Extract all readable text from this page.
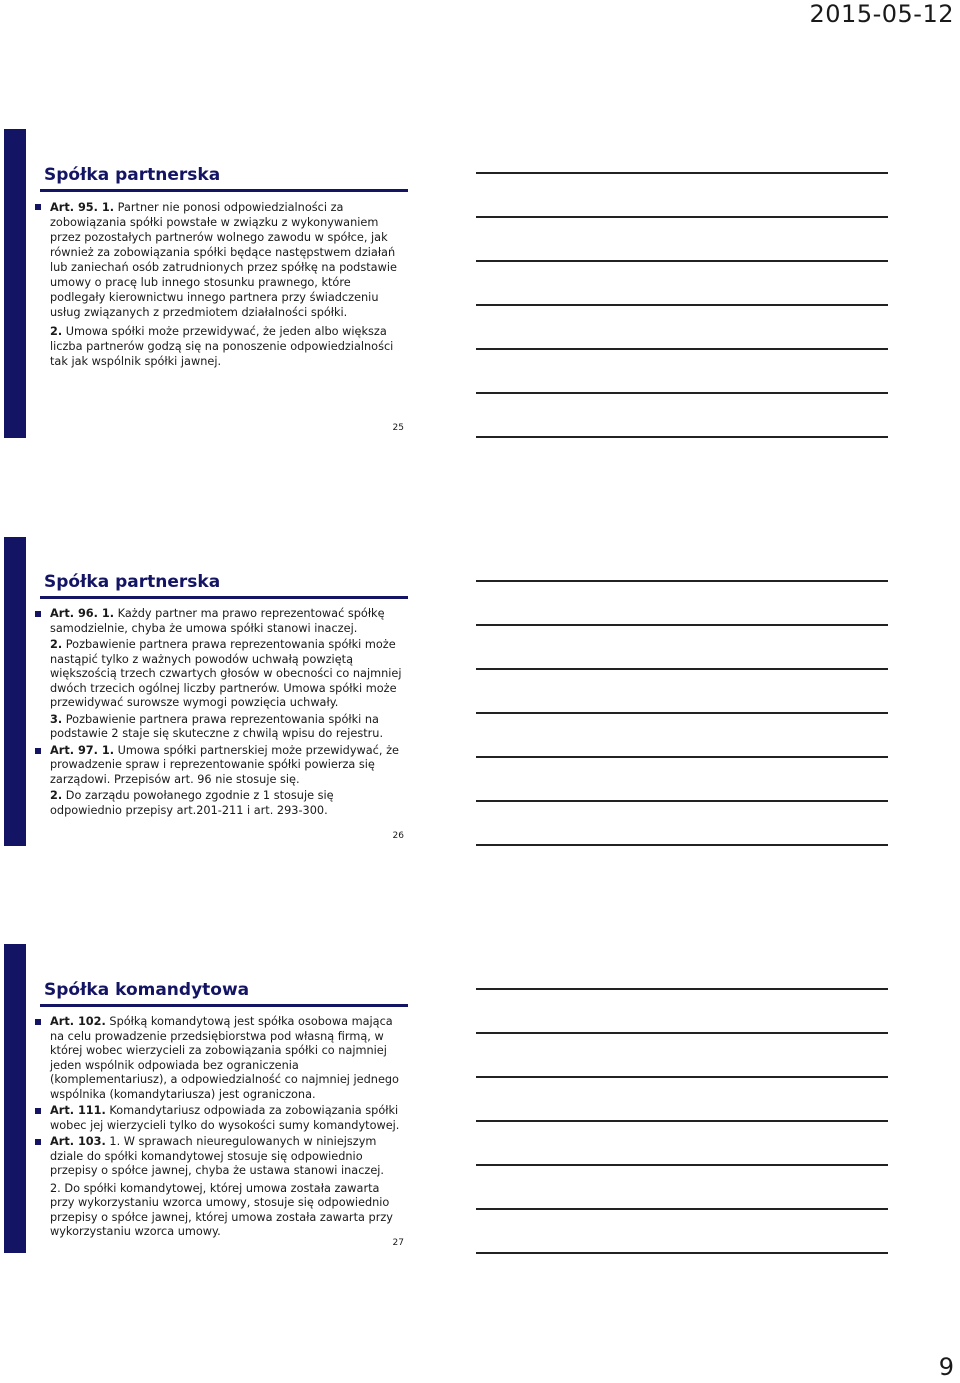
2015-05-12
Spółka partnerska

Art. 95. 1. Partner nie ponosi odpowiedzialności za zobowiązania spółki powstałe w związku z wykonywaniem przez pozostałych partnerów wolnego zawodu w spółce, jak również za zobowiązania spółki będące następstwem działań lub zaniechań osób zatrudnionych przez spółkę na podstawie umowy o pracę lub innego stosunku prawnego, które podlegały kierownictwu innego partnera przy świadczeniu usług związanych z przedmiotem działalności spółki.

2. Umowa spółki może przewidywać, że jeden albo większa liczba partnerów godzą się na ponoszenie odpowiedzialności tak jak wspólnik spółki jawnej.
25
Spółka partnerska

Art. 96. 1. Każdy partner ma prawo reprezentować spółkę samodzielnie, chyba że umowa spółki stanowi inaczej.

2. Pozbawienie partnera prawa reprezentowania spółki może nastąpić tylko z ważnych powodów uchwałą powziętą większością trzech czwartych głosów w obecności co najmniej dwóch trzecich ogólnej liczby partnerów. Umowa spółki może przewidywać surowsze wymogi powzięcia uchwały.
3. Pozbawienie partnera prawa reprezentowania spółki na podstawie 2 staje się skuteczne z chwilą wpisu do rejestru.

Art. 97. 1. Umowa spółki partnerskiej może przewidywać, że prowadzenie spraw i reprezentowanie spółki powierza się zarządowi. Przepisów art. 96 nie stosuje się.

2. Do zarządu powołanego zgodnie z 1 stosuje się odpowiednio przepisy art.201-211 i art. 293-300.
26
Spółka komandytowa

Art. 102. Spółką komandytową jest spółka osobowa mająca na celu prowadzenie przedsiębiorstwa pod własną firmą, w której wobec wierzycieli za zobowiązania spółki co najmniej jeden wspólnik odpowiada bez ograniczenia (komplementariusz), a odpowiedzialność co najmniej jednego wspólnika (komandytariusza) jest ograniczona.

Art. 111. Komandytariusz odpowiada za zobowiązania spółki wobec jej wierzycieli tylko do wysokości sumy komandytowej.

Art. 103. 1. W sprawach nieuregulowanych w niniejszym dziale do spółki komandytowej stosuje się odpowiednio przepisy o spółce jawnej, chyba że ustawa stanowi inaczej.

2. Do spółki komandytowej, której umowa została zawarta przy wykorzystaniu wzorca umowy, stosuje się odpowiednio przepisy o spółce jawnej, której umowa została zawarta przy wykorzystaniu wzorca umowy.
27
9
